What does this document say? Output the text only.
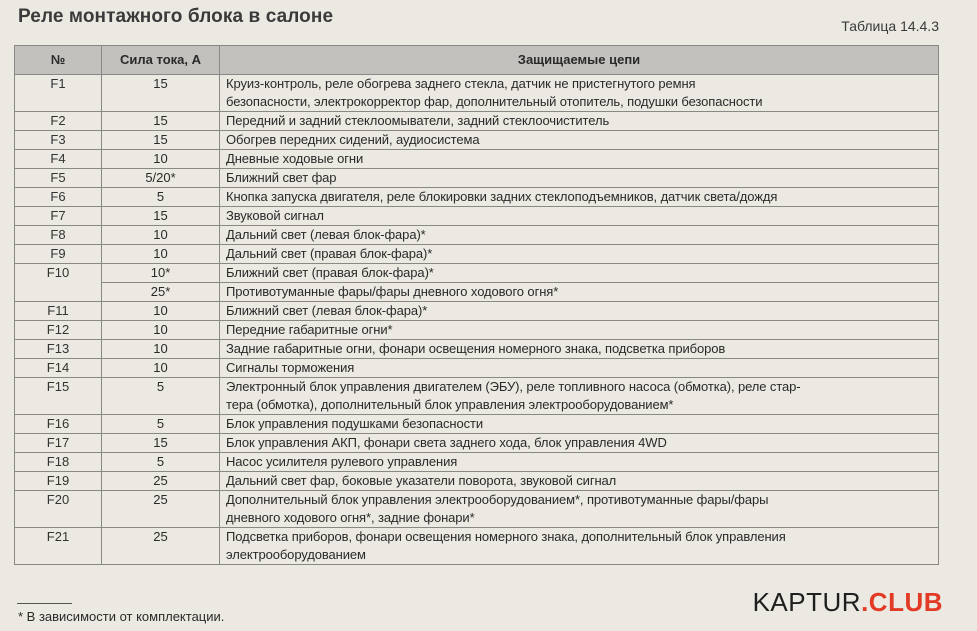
Реле монтажного блока в салоне	Таблица 14.4.3
№	Сила тока, А	Защищаемые цепи
F1	15	Круиз-контроль, реле обогрева заднего стекла, датчик не пристегнутого ремня
безопасности, электрокорректор фар, дополнительный отопитель, подушки безопасности

F2	15	Передний и задний стеклоомыватели, задний стеклоочиститель

F3	15	Обогрев передних сидений, аудиосистема

F4	10	Дневные ходовые огни

F5	5/20*	Ближний свет фар

F6	5	Кнопка запуска двигателя, реле блокировки задних стеклоподъемников, датчик света/дождя

F7	15	Звуковой сигнал

F8	10	Дальний свет (левая блок-фара)*

F9	10	Дальний свет (правая блок-фара)*

F10	10*	Ближний свет (правая блок-фара)*

	25*	Противотуманные фары/фары дневного ходового огня*

F11	10	Ближний свет (левая блок-фара)*

F12	10	Передние габаритные огни*

F13	10	Задние габаритные огни, фонари освещения номерного знака, подсветка приборов

F14	10	Сигналы торможения

F15	5	Электронный блок управления двигателем (ЭБУ), реле топливного насоса (обмотка), реле стар-
тера (обмотка), дополнительный блок управления электрооборудованием*

F16	5	Блок управления подушками безопасности

F17	15	Блок управления АКП, фонари света заднего хода, блок управления 4WD

F18	5	Насос усилителя рулевого управления

F19	25	Дальний свет фар, боковые указатели поворота, звуковой сигнал

F20	25	Дополнительный блок управления электрооборудованием*, противотуманные фары/фары
дневного ходового огня*, задние фонари*

F21	25	Подсветка приборов, фонари освещения номерного знака, дополнительный блок управления
электрооборудованием
* В зависимости от комплектации.	KAPTUR.CLUB
